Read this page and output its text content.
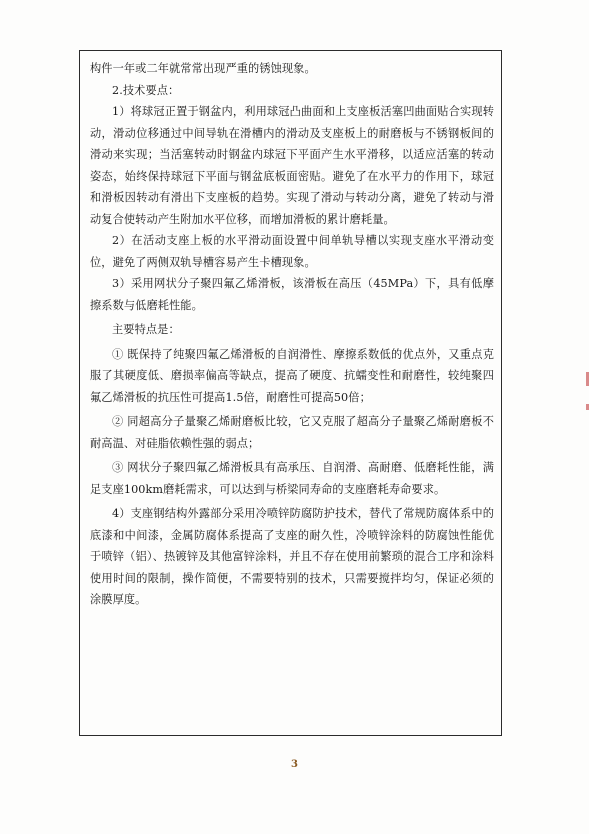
构件一年或二年就常常出现严重的锈蚀现象。

2.技术要点：

1）将球冠正置于钢盆内，利用球冠凸曲面和上支座板活塞凹曲面贴合实现转动，滑动位移通过中间导轨在滑槽内的滑动及支座板上的耐磨板与不锈钢板间的滑动来实现；当活塞转动时钢盆内球冠下平面产生水平滑移，以适应活塞的转动姿态，始终保持球冠下平面与钢盆底板面密贴。避免了在水平力的作用下，球冠和滑板因转动有滑出下支座板的趋势。实现了滑动与转动分离，避免了转动与滑动复合使转动产生附加水平位移，而增加滑板的累计磨耗量。

2）在活动支座上板的水平滑动面设置中间单轨导槽以实现支座水平滑动变位，避免了两侧双轨导槽容易产生卡槽现象。

3）采用网状分子聚四氟乙烯滑板，该滑板在高压（45MPa）下，具有低摩擦系数与低磨耗性能。

主要特点是：

① 既保持了纯聚四氟乙烯滑板的自润滑性、摩擦系数低的优点外，又重点克服了其硬度低、磨损率偏高等缺点，提高了硬度、抗蠕变性和耐磨性，较纯聚四氟乙烯滑板的抗压性可提高1.5倍，耐磨性可提高50倍；

② 同超高分子量聚乙烯耐磨板比较，它又克服了超高分子量聚乙烯耐磨板不耐高温、对硅脂依赖性强的弱点；

③ 网状分子聚四氟乙烯滑板具有高承压、自润滑、高耐磨、低磨耗性能，满足支座100km磨耗需求，可以达到与桥梁同寿命的支座磨耗寿命要求。

4）支座钢结构外露部分采用冷喷锌防腐防护技术，替代了常规防腐体系中的底漆和中间漆，金属防腐体系提高了支座的耐久性，冷喷锌涂料的防腐蚀性能优于喷锌（铝）、热镀锌及其他富锌涂料，并且不存在使用前繁琐的混合工序和涂料使用时间的限制，操作简便，不需要特别的技术，只需要搅拌均匀，保证必须的涂膜厚度。

3
